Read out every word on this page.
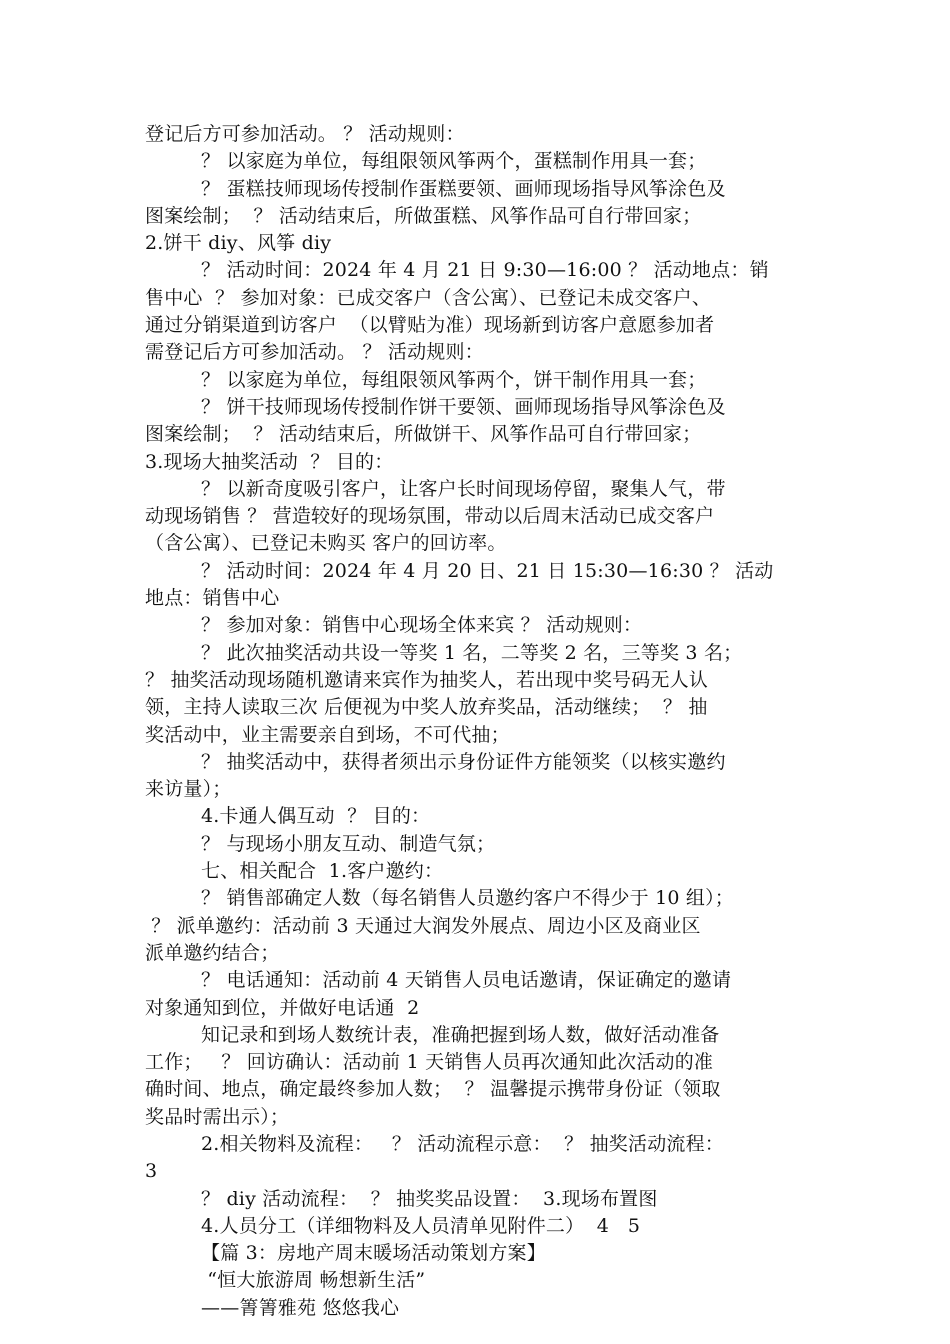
登记后方可参加活动。 ？ 活动规则：
？ 以家庭为单位，每组限领风筝两个，蛋糕制作用具一套；
？ 蛋糕技师现场传授制作蛋糕要领、画师现场指导风筝涂色及
图案绘制；  ？ 活动结束后，所做蛋糕、风筝作品可自行带回家；
2.饼干 diy、风筝 diy
？ 活动时间：2024 年 4 月 21 日 9:30—16:00 ？ 活动地点：销
售中心  ？ 参加对象：已成交客户（含公寓）、已登记未成交客户、
通过分销渠道到访客户  （以臂贴为准）现场新到访客户意愿参加者
需登记后方可参加活动。 ？ 活动规则：
？ 以家庭为单位，每组限领风筝两个，饼干制作用具一套；
？ 饼干技师现场传授制作饼干要领、画师现场指导风筝涂色及
图案绘制；  ？ 活动结束后，所做饼干、风筝作品可自行带回家；
3.现场大抽奖活动  ？ 目的：
？ 以新奇度吸引客户，让客户长时间现场停留，聚集人气，带
动现场销售 ？ 营造较好的现场氛围，带动以后周末活动已成交客户
（含公寓）、已登记未购买 客户的回访率。
？ 活动时间：2024 年 4 月 20 日、21 日 15:30—16:30 ？ 活动
地点：销售中心
？ 参加对象：销售中心现场全体来宾 ？ 活动规则：
？ 此次抽奖活动共设一等奖 1 名，二等奖 2 名，三等奖 3 名；
？ 抽奖活动现场随机邀请来宾作为抽奖人，若出现中奖号码无人认
领，主持人读取三次 后便视为中奖人放弃奖品，活动继续；  ？ 抽
奖活动中，业主需要亲自到场，不可代抽；
？ 抽奖活动中，获得者须出示身份证件方能领奖（以核实邀约
来访量）；
4.卡通人偶互动  ？ 目的：
？ 与现场小朋友互动、制造气氛；
七、相关配合  1.客户邀约：
？ 销售部确定人数（每名销售人员邀约客户不得少于 10 组）；
？ 派单邀约：活动前 3 天通过大润发外展点、周边小区及商业区
派单邀约结合；
？ 电话通知：活动前 4 天销售人员电话邀请，保证确定的邀请
对象通知到位，并做好电话通  2
知记录和到场人数统计表，准确把握到场人数，做好活动准备
工作；   ？ 回访确认：活动前 1 天销售人员再次通知此次活动的准
确时间、地点，确定最终参加人数；  ？ 温馨提示携带身份证（领取
奖品时需出示）；
2.相关物料及流程：   ？ 活动流程示意：  ？ 抽奖活动流程：
3
？ diy 活动流程：  ？ 抽奖奖品设置：  3.现场布置图
4.人员分工（详细物料及人员清单见附件二）  4   5
【篇 3：房地产周末暖场活动策划方案】
“恒大旅游周 畅想新生活”
——箐箐雅苑 悠悠我心
